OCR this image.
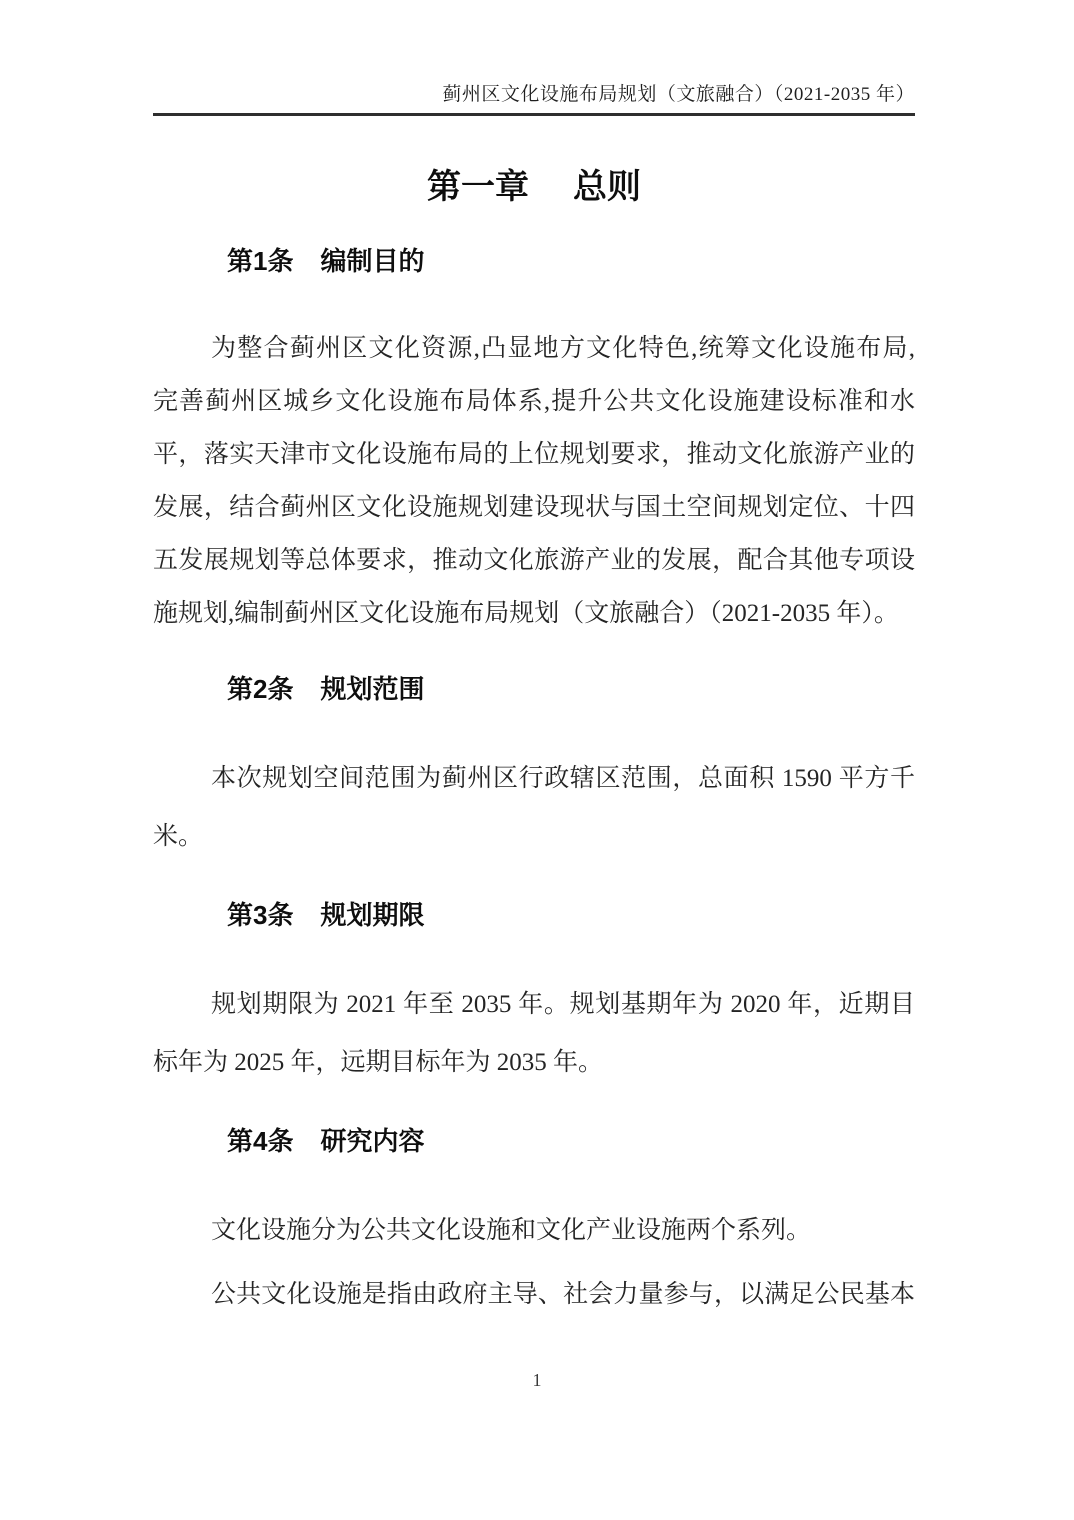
蓟州区文化设施布局规划（文旅融合）（2021-2035 年）
第一章 总则
第1条 编制目的
为整合蓟州区文化资源,凸显地方文化特色,统筹文化设施布局,
完善蓟州区城乡文化设施布局体系,提升公共文化设施建设标准和水
平，落实天津市文化设施布局的上位规划要求，推动文化旅游产业的
发展，结合蓟州区文化设施规划建设现状与国土空间规划定位、十四
五发展规划等总体要求，推动文化旅游产业的发展，配合其他专项设
施规划,编制蓟州区文化设施布局规划（文旅融合）（2021-2035 年）。
第2条 规划范围
本次规划空间范围为蓟州区行政辖区范围，总面积 1590 平方千
米。
第3条 规划期限
规划期限为 2021 年至 2035 年。规划基期年为 2020 年，近期目
标年为 2025 年，远期目标年为 2035 年。
第4条 研究内容
文化设施分为公共文化设施和文化产业设施两个系列。
公共文化设施是指由政府主导、社会力量参与，以满足公民基本
1
